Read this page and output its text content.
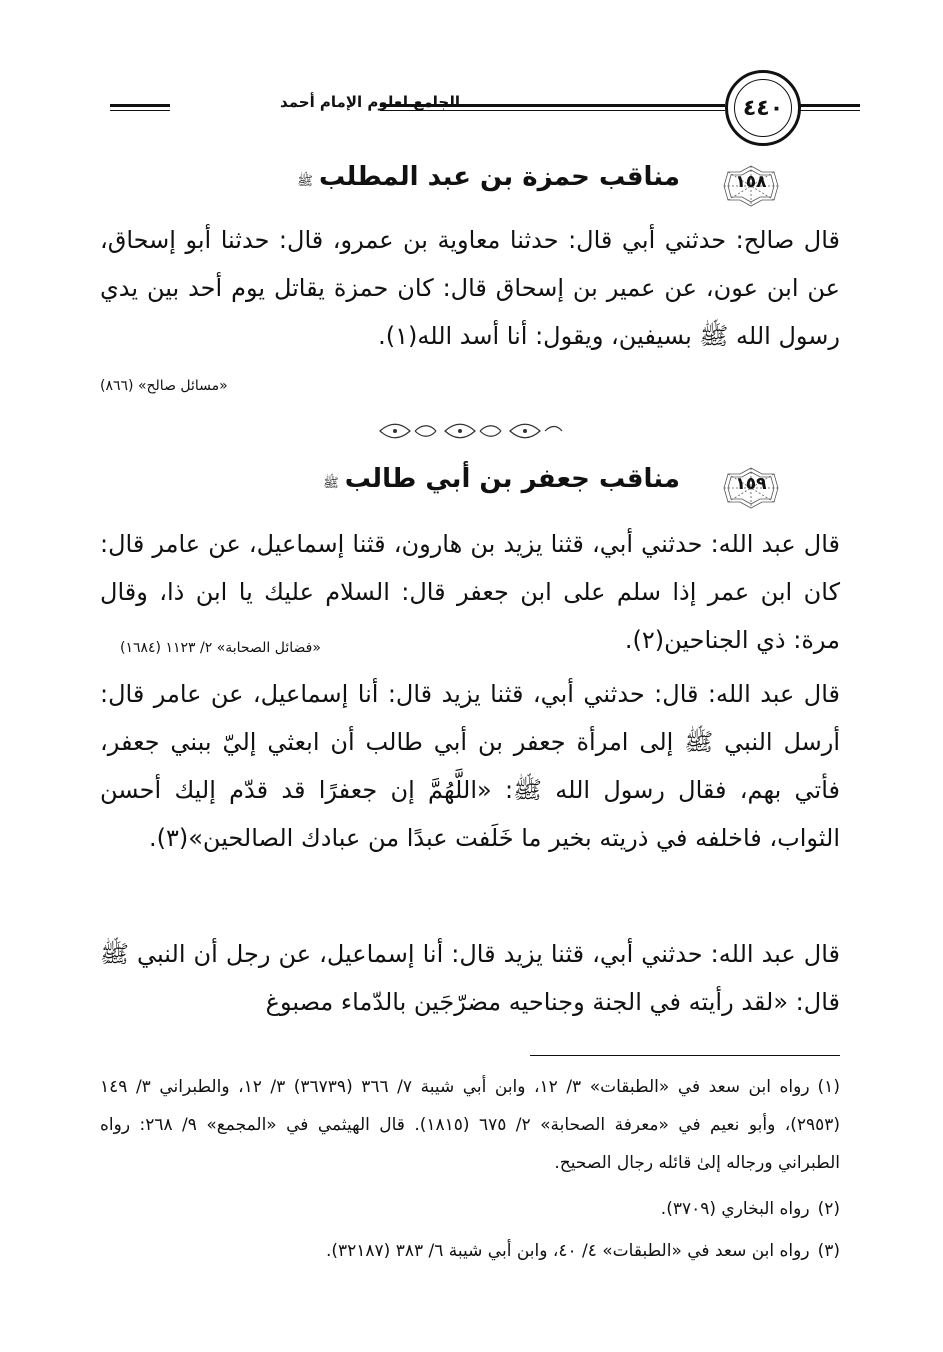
الجامع لعلوم الإمام أحمد	٤٤٠
١٥٨
مناقب حمزة بن عبد المطلبﷺ
قال صالح: حدثني أبي قال: حدثنا معاوية بن عمرو، قال: حدثنا أبو إسحاق، عن ابن عون، عن عمير بن إسحاق قال: كان حمزة يقاتل يوم أحد بين يدي رسول الله ﷺ بسيفين، ويقول: أنا أسد الله(١).
«مسائل صالح» (٨٦٦)
١٥٩
مناقب جعفر بن أبي طالبﷺ
قال عبد الله: حدثني أبي، قثنا يزيد بن هارون، قثنا إسماعيل، عن عامر قال: كان ابن عمر إذا سلم على ابن جعفر قال: السلام عليك يا ابن ذا، وقال مرة: ذي الجناحين(٢).
«فضائل الصحابة» ٢/ ١١٢٣ (١٦٨٤)
قال عبد الله: قال: حدثني أبي، قثنا يزيد قال: أنا إسماعيل، عن عامر قال: أرسل النبي ﷺ إلى امرأة جعفر بن أبي طالب أن ابعثي إليّ ببني جعفر، فأتي بهم، فقال رسول الله ﷺ: «اللَّهُمَّ إن جعفرًا قد قدّم إليك أحسن الثواب، فاخلفه في ذريته بخير ما خَلَفت عبدًا من عبادك الصالحين»(٣).
قال عبد الله: حدثني أبي، قثنا يزيد قال: أنا إسماعيل، عن رجل أن النبي ﷺ قال: «لقد رأيته في الجنة وجناحيه مضرّجَين بالدّماء مصبوغ
(١)رواه ابن سعد في «الطبقات» ٣/ ١٢، وابن أبي شيبة ٧/ ٣٦٦ (٣٦٧٣٩) ٣/ ١٢، والطبراني ٣/ ١٤٩ (٢٩٥٣)، وأبو نعيم في «معرفة الصحابة» ٢/ ٦٧٥ (١٨١٥). قال الهيثمي في «المجمع» ٩/ ٢٦٨: رواه الطبراني ورجاله إلىٰ قائله رجال الصحيح.
(٢)رواه البخاري (٣٧٠٩).
(٣)رواه ابن سعد في «الطبقات» ٤/ ٤٠، وابن أبي شيبة ٦/ ٣٨٣ (٣٢١٨٧).
